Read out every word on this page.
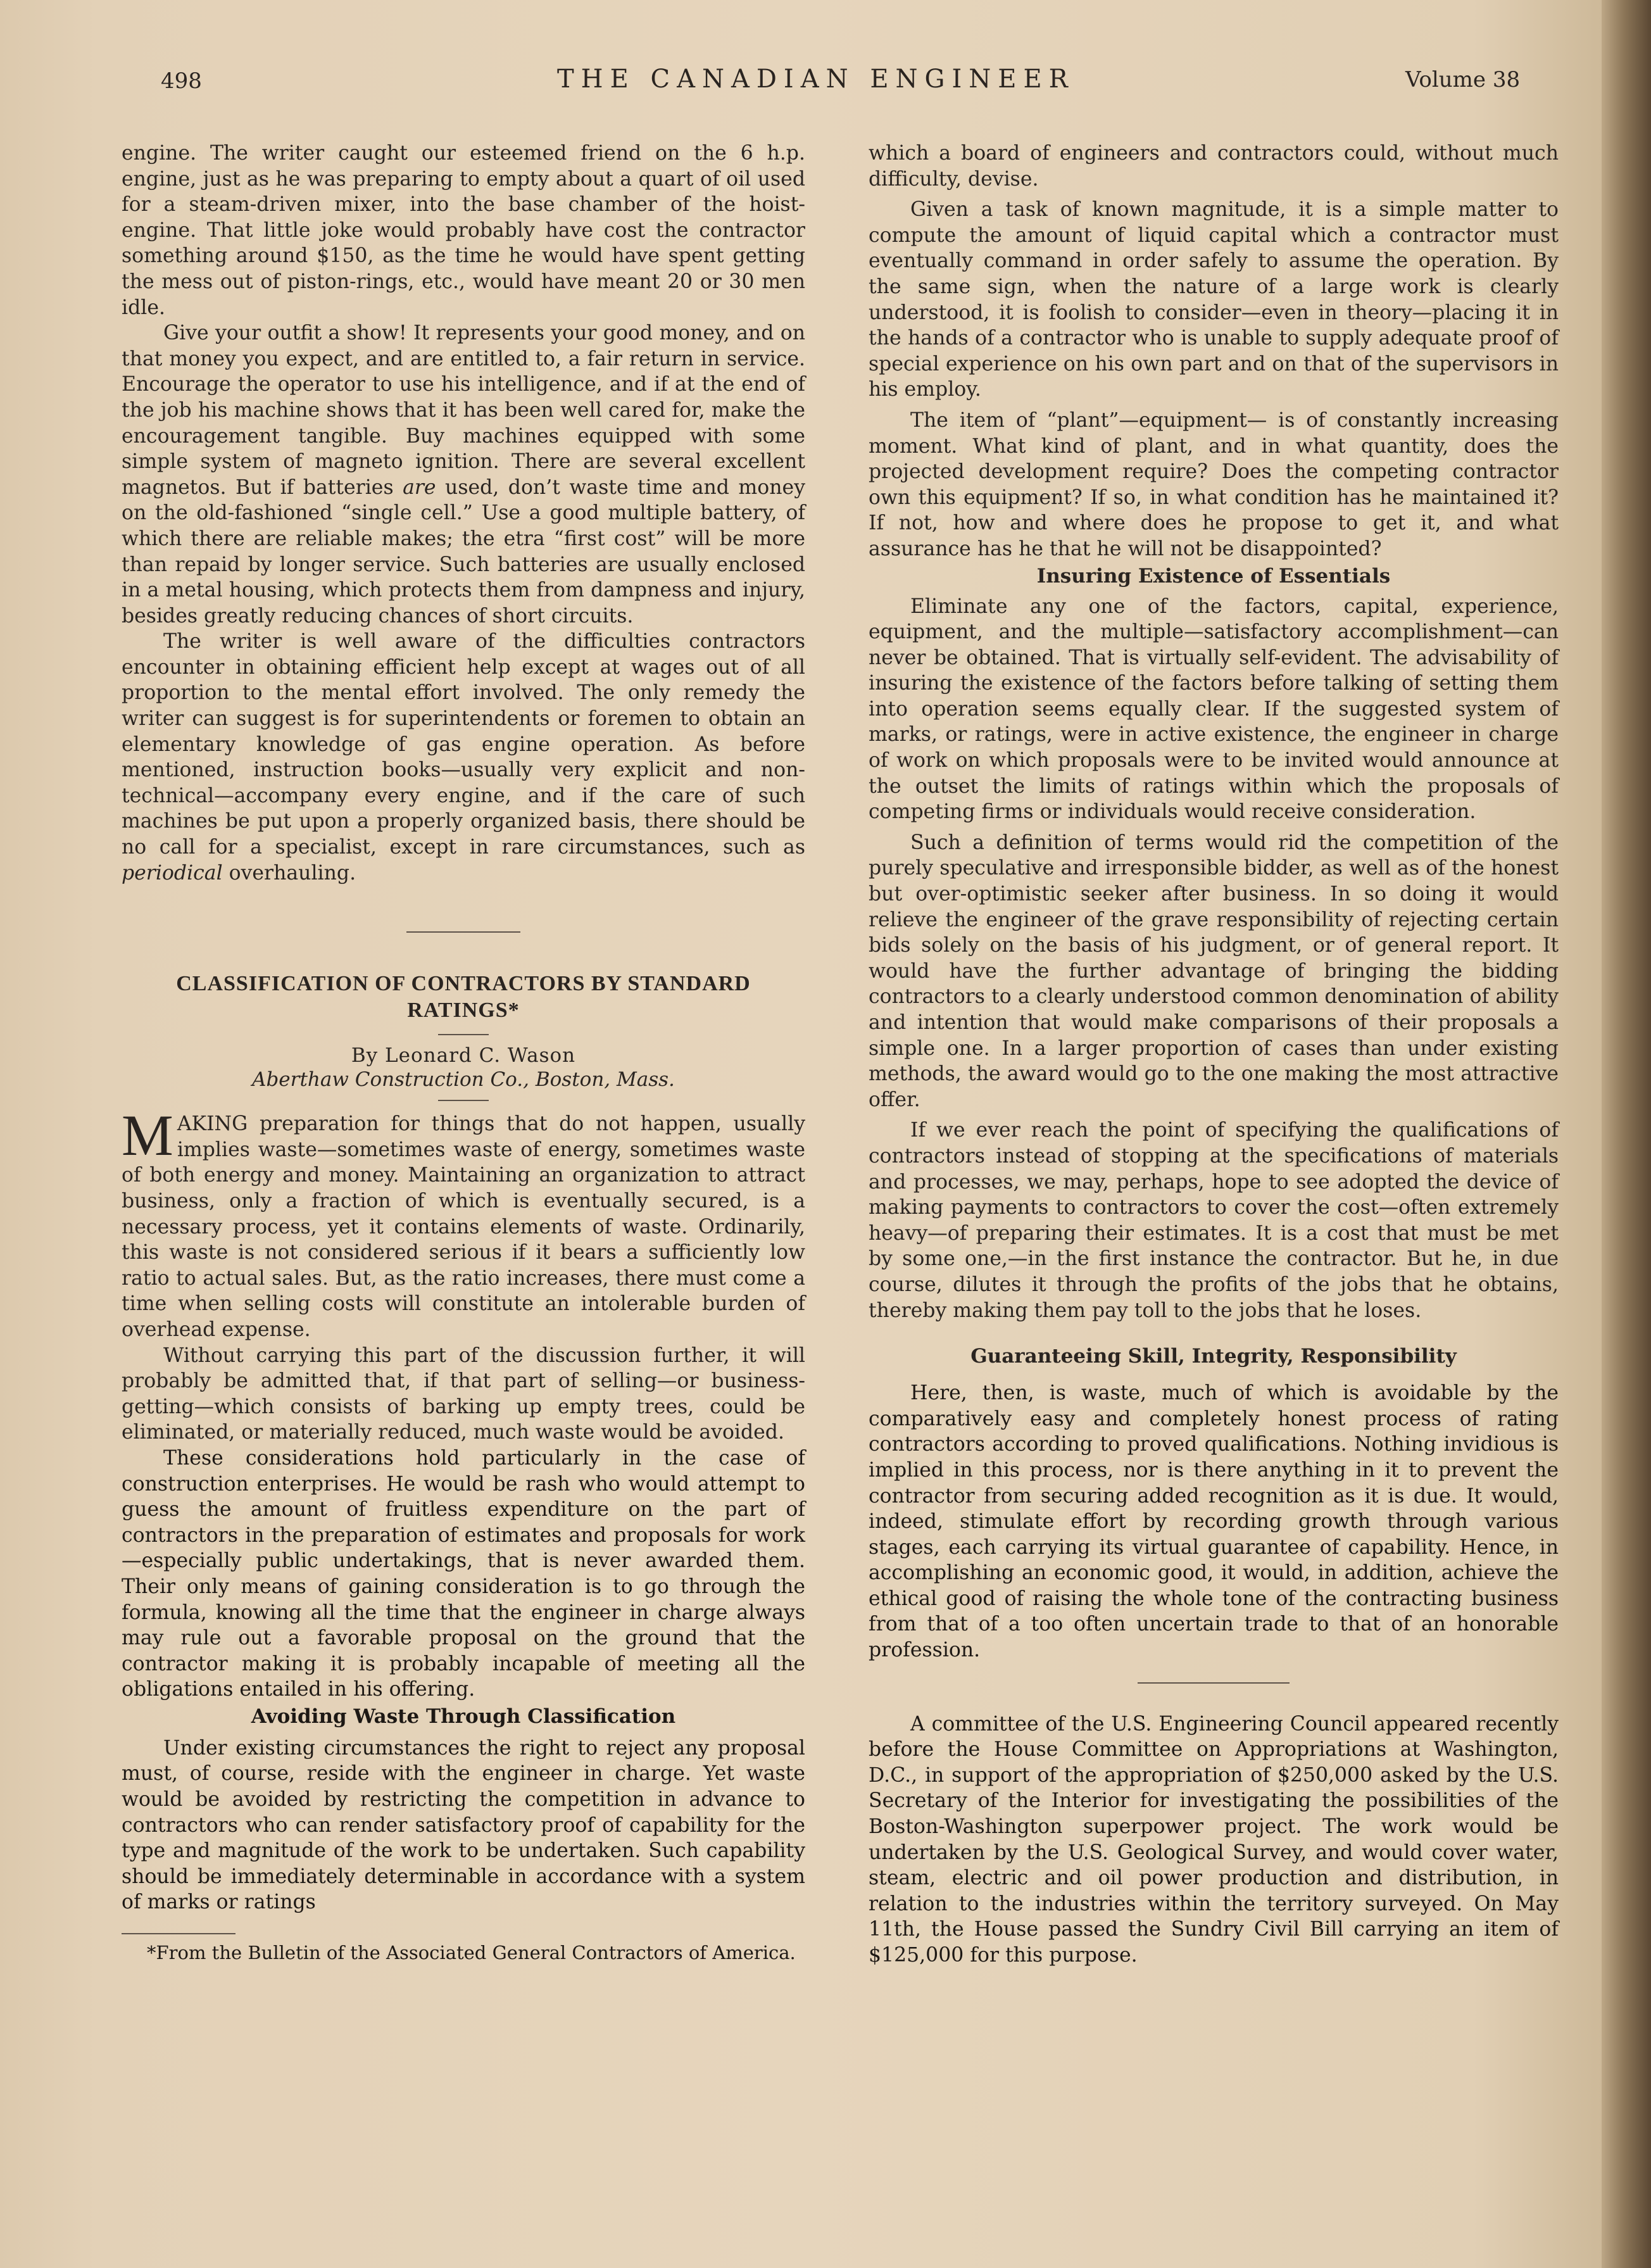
498	THE CANADIAN ENGINEER	Volume 38

engine. The writer caught our esteemed friend on the 6 h.p. engine, just as he was preparing to empty about a quart of oil used for a steam-driven mixer, into the base chamber of the hoist-engine. That little joke would probably have cost the contractor something around $150, as the time he would have spent getting the mess out of piston-rings, etc., would have meant 20 or 30 men idle.

Give your outfit a show! It represents your good money, and on that money you expect, and are entitled to, a fair return in service. Encourage the operator to use his intelligence, and if at the end of the job his machine shows that it has been well cared for, make the encouragement tangible. Buy machines equipped with some simple system of magneto ignition. There are several excellent magnetos. But if batteries are used, don’t waste time and money on the old-fashioned “single cell.” Use a good multiple battery, of which there are reliable makes; the etra “first cost” will be more than repaid by longer service. Such batteries are usually enclosed in a metal housing, which protects them from dampness and injury, besides greatly reducing chances of short circuits.

The writer is well aware of the difficulties contractors encounter in obtaining efficient help except at wages out of all proportion to the mental effort involved. The only remedy the writer can suggest is for superintendents or foremen to obtain an elementary knowledge of gas engine operation. As before mentioned, instruction books—usually very explicit and non-technical—accompany every engine, and if the care of such machines be put upon a properly organized basis, there should be no call for a specialist, except in rare circumstances, such as periodical overhauling.

CLASSIFICATION OF CONTRACTORS BY STANDARD RATINGS*
By Leonard C. Wason
Aberthaw Construction Co., Boston, Mass.

MAKING preparation for things that do not happen, usually implies waste—sometimes waste of energy, sometimes waste of both energy and money. Maintaining an organization to attract business, only a fraction of which is eventually secured, is a necessary process, yet it contains elements of waste. Ordinarily, this waste is not considered serious if it bears a sufficiently low ratio to actual sales. But, as the ratio increases, there must come a time when selling costs will constitute an intolerable burden of overhead expense.

Without carrying this part of the discussion further, it will probably be admitted that, if that part of selling—or business-getting—which consists of barking up empty trees, could be eliminated, or materially reduced, much waste would be avoided.

These considerations hold particularly in the case of construction enterprises. He would be rash who would attempt to guess the amount of fruitless expenditure on the part of contractors in the preparation of estimates and proposals for work—especially public undertakings, that is never awarded them. Their only means of gaining consideration is to go through the formula, knowing all the time that the engineer in charge always may rule out a favorable proposal on the ground that the contractor making it is probably incapable of meeting all the obligations entailed in his offering.

Avoiding Waste Through Classification

Under existing circumstances the right to reject any proposal must, of course, reside with the engineer in charge. Yet waste would be avoided by restricting the competition in advance to contractors who can render satisfactory proof of capability for the type and magnitude of the work to be undertaken. Such capability should be immediately determinable in accordance with a system of marks or ratings

*From the Bulletin of the Associated General Contractors of America.

which a board of engineers and contractors could, without much difficulty, devise.

Given a task of known magnitude, it is a simple matter to compute the amount of liquid capital which a contractor must eventually command in order safely to assume the operation. By the same sign, when the nature of a large work is clearly understood, it is foolish to consider—even in theory—placing it in the hands of a contractor who is unable to supply adequate proof of special experience on his own part and on that of the supervisors in his employ.

The item of “plant”—equipment— is of constantly increasing moment. What kind of plant, and in what quantity, does the projected development require? Does the competing contractor own this equipment? If so, in what condition has he maintained it? If not, how and where does he propose to get it, and what assurance has he that he will not be disappointed?

Insuring Existence of Essentials

Eliminate any one of the factors, capital, experience, equipment, and the multiple—satisfactory accomplishment—can never be obtained. That is virtually self-evident. The advisability of insuring the existence of the factors before talking of setting them into operation seems equally clear. If the suggested system of marks, or ratings, were in active existence, the engineer in charge of work on which proposals were to be invited would announce at the outset the limits of ratings within which the proposals of competing firms or individuals would receive consideration.

Such a definition of terms would rid the competition of the purely speculative and irresponsible bidder, as well as of the honest but over-optimistic seeker after business. In so doing it would relieve the engineer of the grave responsibility of rejecting certain bids solely on the basis of his judgment, or of general report. It would have the further advantage of bringing the bidding contractors to a clearly understood common denomination of ability and intention that would make comparisons of their proposals a simple one. In a larger proportion of cases than under existing methods, the award would go to the one making the most attractive offer.

If we ever reach the point of specifying the qualifications of contractors instead of stopping at the specifications of materials and processes, we may, perhaps, hope to see adopted the device of making payments to contractors to cover the cost—often extremely heavy—of preparing their estimates. It is a cost that must be met by some one,—in the first instance the contractor. But he, in due course, dilutes it through the profits of the jobs that he obtains, thereby making them pay toll to the jobs that he loses.

Guaranteeing Skill, Integrity, Responsibility

Here, then, is waste, much of which is avoidable by the comparatively easy and completely honest process of rating contractors according to proved qualifications. Nothing invidious is implied in this process, nor is there anything in it to prevent the contractor from securing added recognition as it is due. It would, indeed, stimulate effort by recording growth through various stages, each carrying its virtual guarantee of capability. Hence, in accomplishing an economic good, it would, in addition, achieve the ethical good of raising the whole tone of the contracting business from that of a too often uncertain trade to that of an honorable profession.

A committee of the U.S. Engineering Council appeared recently before the House Committee on Appropriations at Washington, D.C., in support of the appropriation of $250,000 asked by the U.S. Secretary of the Interior for investigating the possibilities of the Boston-Washington superpower project. The work would be undertaken by the U.S. Geological Survey, and would cover water, steam, electric and oil power production and distribution, in relation to the industries within the territory surveyed. On May 11th, the House passed the Sundry Civil Bill carrying an item of $125,000 for this purpose.
